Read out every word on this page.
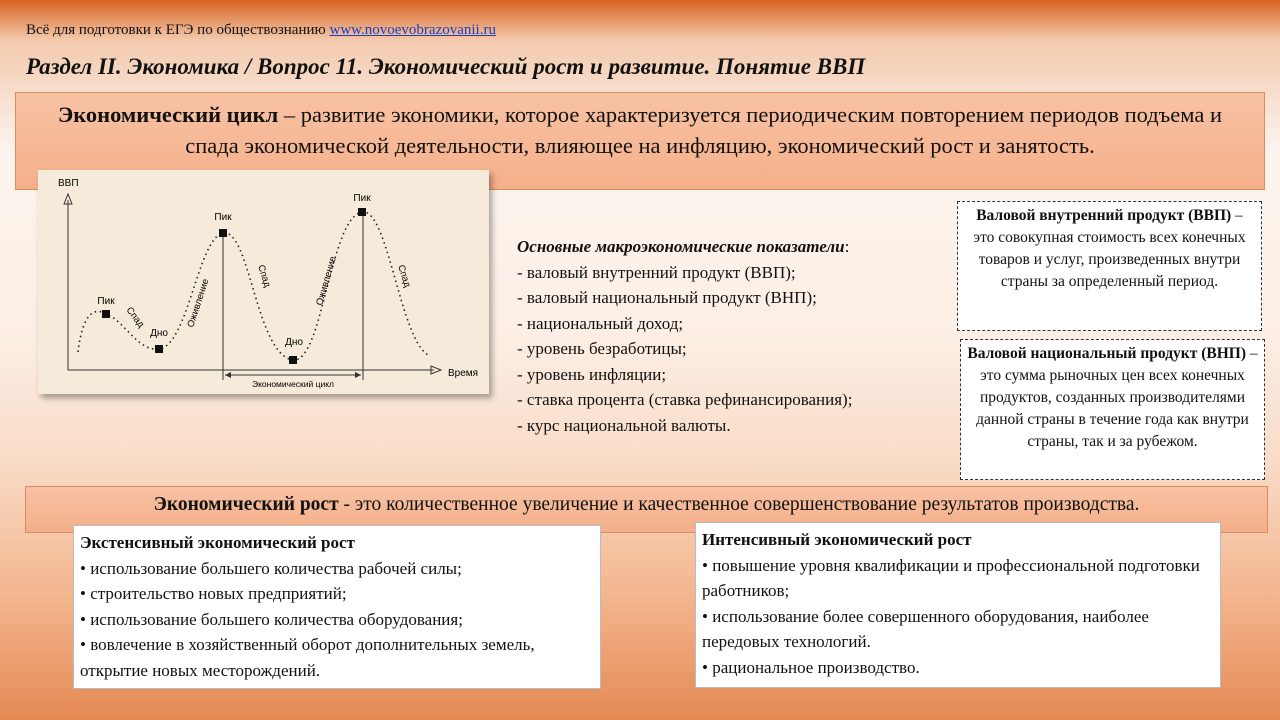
Всё для подготовки к ЕГЭ по обществознанию www.novoevobrazovanii.ru
Раздел II. Экономика / Вопрос 11. Экономический рост и развитие. Понятие ВВП
Экономический цикл – развитие экономики, которое характеризуется периодическим повторением периодов подъема и спада экономической деятельности, влияющее на инфляцию, экономический рост и занятость.
ВВП
Время
Экономический цикл
Пик
Дно
Пик
Дно
Пик
Спад	Оживление
Спад	Оживление	Спад
Основные макроэкономические показатели:
- валовый внутренний продукт (ВВП);
- валовый национальный продукт (ВНП);
- национальный доход;
- уровень безработицы;
- уровень инфляции;
- ставка процента (ставка рефинансирования);
- курс национальной валюты.
Валовой внутренний продукт (ВВП) – это совокупная стоимость всех конечных товаров и услуг, произведенных внутри страны за определенный период.
Валовой национальный продукт (ВНП) – это сумма рыночных цен всех конечных продуктов, созданных производителями данной страны в течение года как внутри страны, так и за рубежом.
Экономический рост - это количественное увеличение и качественное совершенствование результатов производства.
Экстенсивный экономический рост
• использование большего количества рабочей силы;
• строительство новых предприятий;
• использование большего количества оборудования;
• вовлечение в хозяйственный оборот дополнительных земель, открытие новых месторождений.
Интенсивный экономический рост
• повышение уровня квалификации и профессиональной подготовки работников;
• использование более совершенного оборудования, наиболее передовых технологий.
• рациональное производство.
